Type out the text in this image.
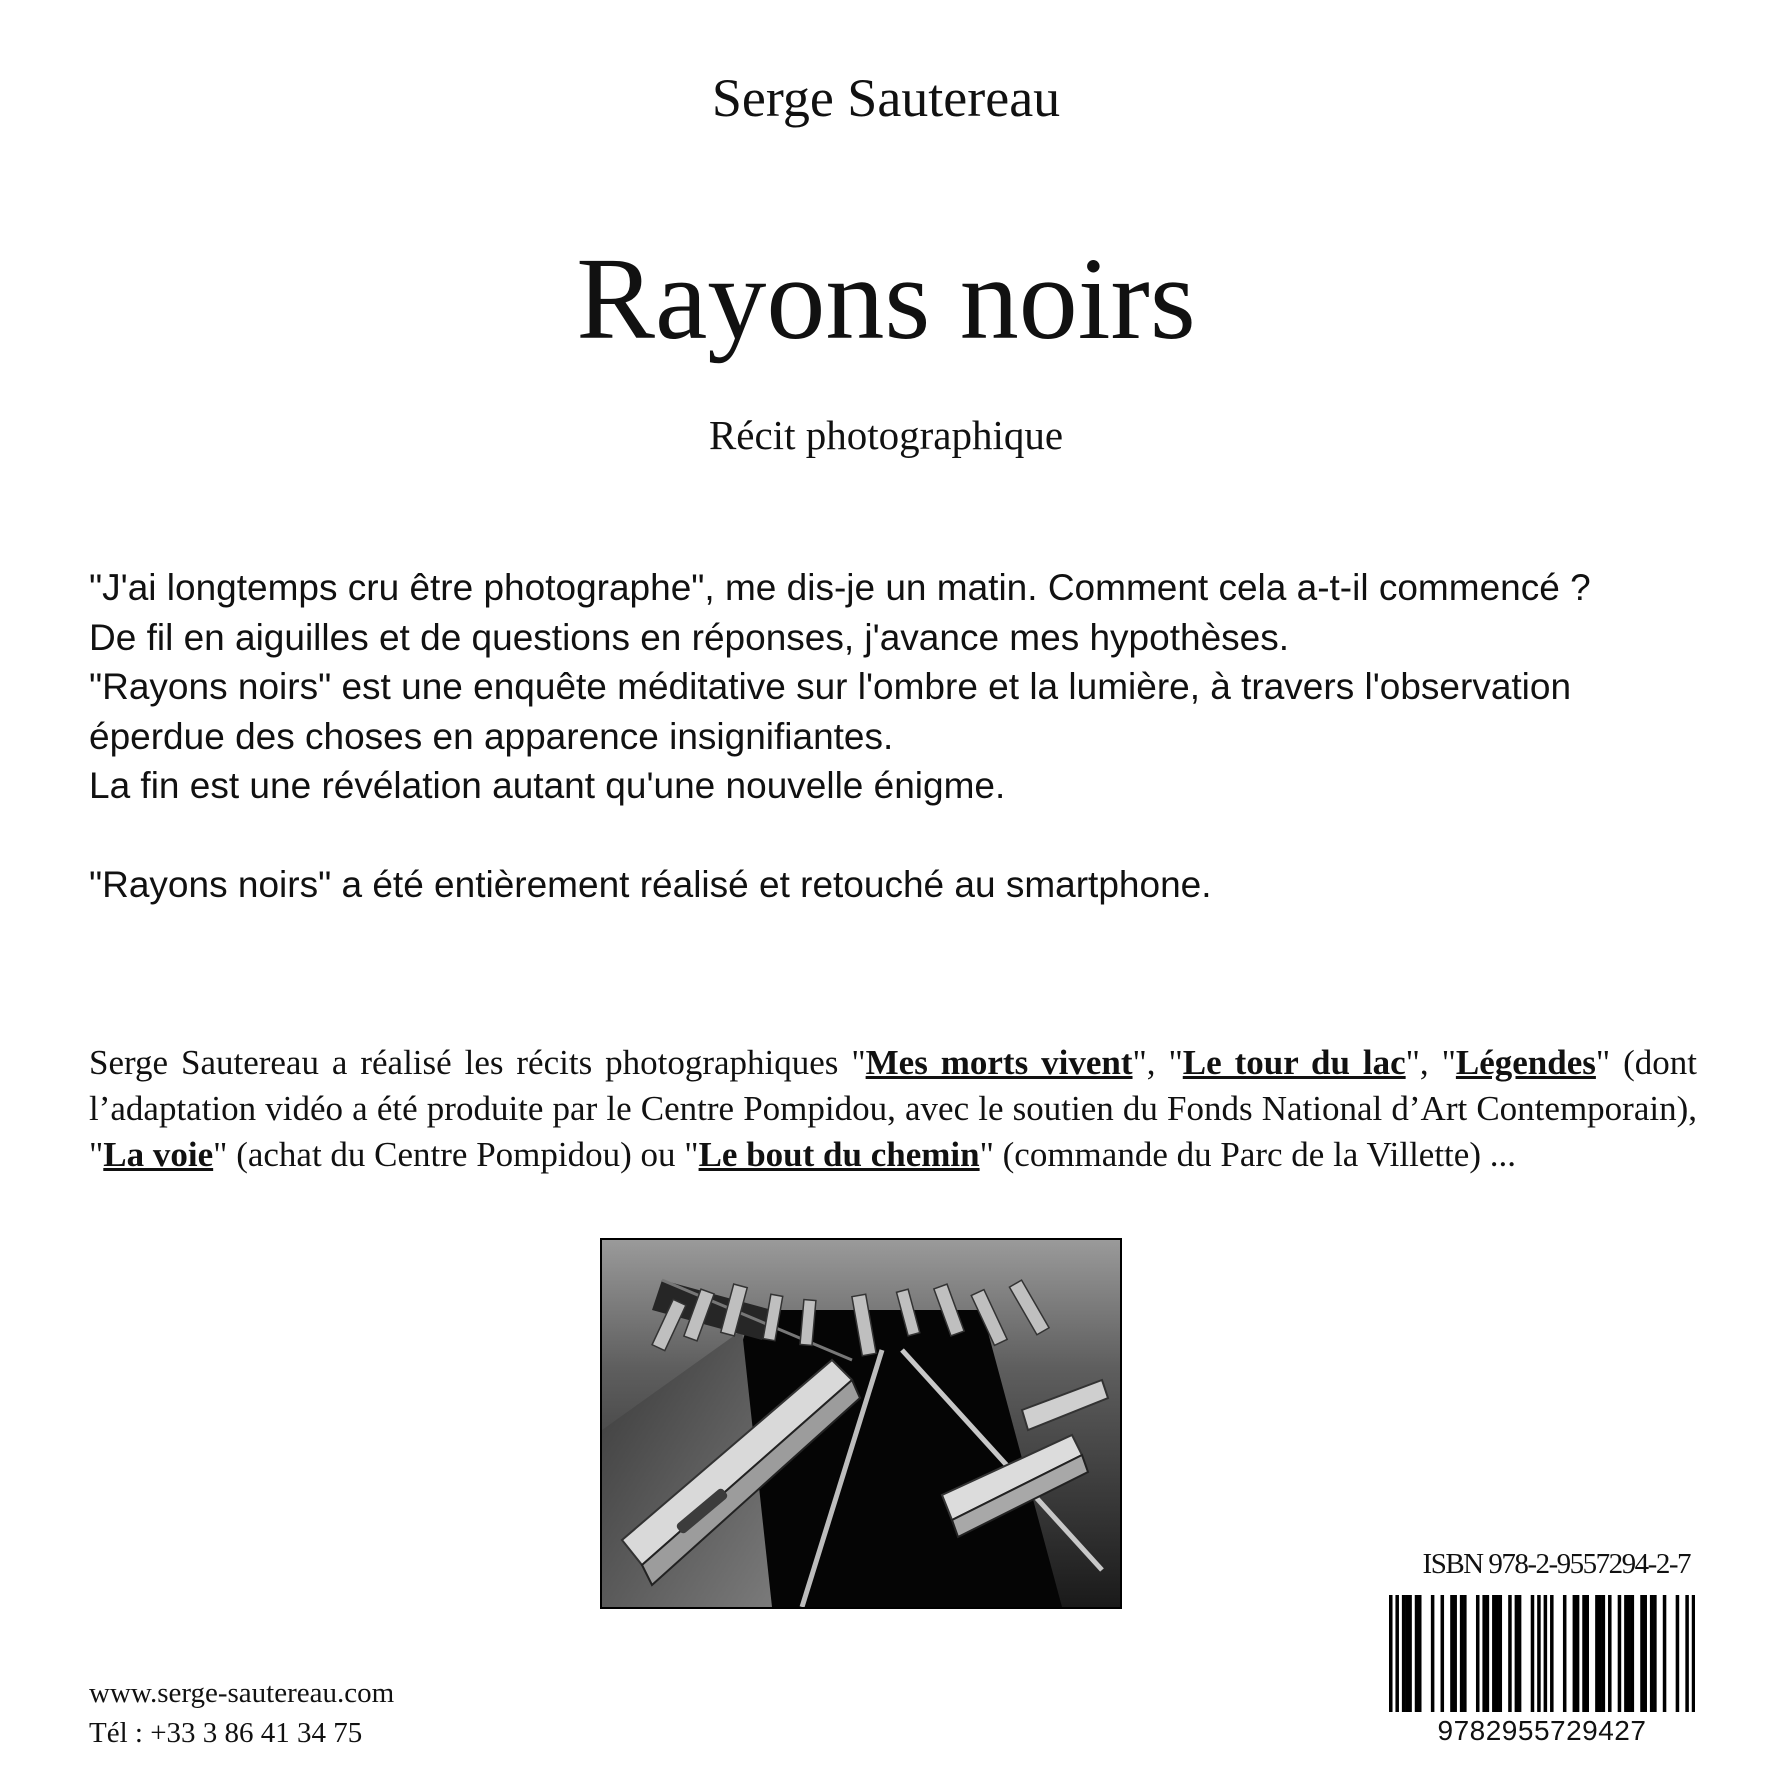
Serge Sautereau
Rayons noirs
Récit photographique
"J'ai longtemps cru être photographe", me dis-je un matin. Comment cela a-t-il commencé ?
De fil en aiguilles et de questions en réponses, j'avance mes hypothèses.
"Rayons noirs" est une enquête méditative sur l'ombre et la lumière, à travers l'observation
éperdue des choses en apparence insignifiantes.
La fin est une révélation autant qu'une nouvelle énigme.
"Rayons noirs" a été entièrement réalisé et retouché au smartphone.
Serge Sautereau a réalisé les récits photographiques "Mes morts vivent", "Le tour du lac", "Légendes" (dont l’adaptation vidéo a été produite par le Centre Pompidou, avec le soutien du Fonds National d’Art Contemporain), "La voie" (achat du Centre Pompidou) ou "Le bout du chemin" (commande du Parc de la Villette) ...
ISBN 978-2-9557294-2-7
9782955729427
www.serge-sautereau.com
Tél : +33 3 86 41 34 75
